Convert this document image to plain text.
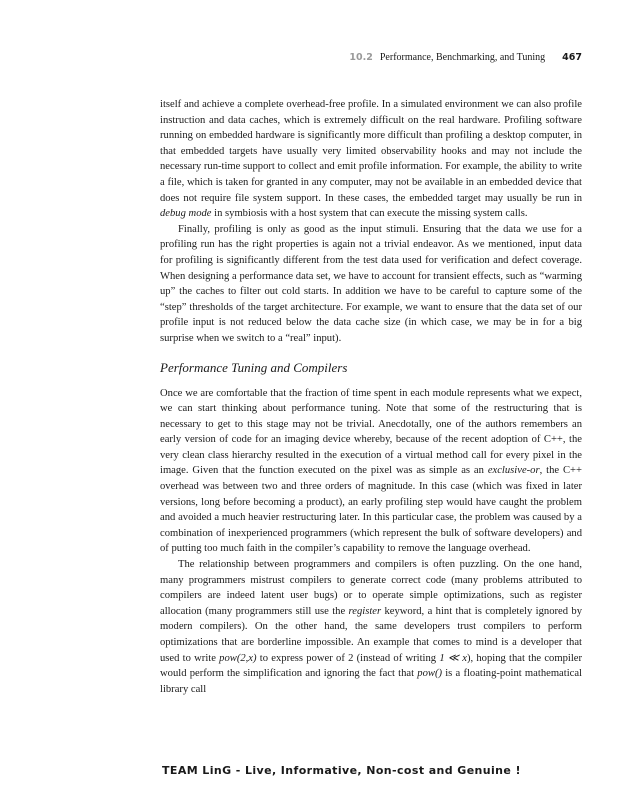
10.2 Performance, Benchmarking, and Tuning 467

itself and achieve a complete overhead-free profile. In a simulated environment we can also profile instruction and data caches, which is extremely difficult on the real hardware. Profiling software running on embedded hardware is significantly more difficult than profiling a desktop computer, in that embedded targets have usually very limited observability hooks and may not include the necessary run-time support to collect and emit profile information. For example, the ability to write a file, which is taken for granted in any computer, may not be available in an embedded device that does not require file system support. In these cases, the embedded target may usually be run in debug mode in symbiosis with a host system that can execute the missing system calls.

Finally, profiling is only as good as the input stimuli. Ensuring that the data we use for a profiling run has the right properties is again not a trivial endeavor. As we mentioned, input data for profiling is significantly different from the test data used for verification and defect coverage. When designing a performance data set, we have to account for transient effects, such as “warming up” the caches to filter out cold starts. In addition we have to be careful to capture some of the “step” thresholds of the target architecture. For example, we want to ensure that the data set of our profile input is not reduced below the data cache size (in which case, we may be in for a big surprise when we switch to a “real” input).

Performance Tuning and Compilers

Once we are comfortable that the fraction of time spent in each module represents what we expect, we can start thinking about performance tuning. Note that some of the restructuring that is necessary to get to this stage may not be trivial. Anecdotally, one of the authors remembers an early version of code for an imaging device whereby, because of the recent adoption of C++, the very clean class hierarchy resulted in the execution of a virtual method call for every pixel in the image. Given that the function executed on the pixel was as simple as an exclusive-or, the C++ overhead was between two and three orders of magnitude. In this case (which was fixed in later versions, long before becoming a product), an early profiling step would have caught the problem and avoided a much heavier restructuring later. In this particular case, the problem was caused by a combination of inexperienced programmers (which represent the bulk of software developers) and of putting too much faith in the compiler’s capability to remove the language overhead.

The relationship between programmers and compilers is often puzzling. On the one hand, many programmers mistrust compilers to generate correct code (many problems attributed to compilers are indeed latent user bugs) or to operate simple optimizations, such as register allocation (many programmers still use the register keyword, a hint that is completely ignored by modern compilers). On the other hand, the same developers trust compilers to perform optimizations that are borderline impossible. An example that comes to mind is a developer that used to write pow(2,x) to express power of 2 (instead of writing 1 ≪ x), hoping that the compiler would perform the simplification and ignoring the fact that pow() is a floating-point mathematical library call

TEAM LinG - Live, Informative, Non-cost and Genuine !
